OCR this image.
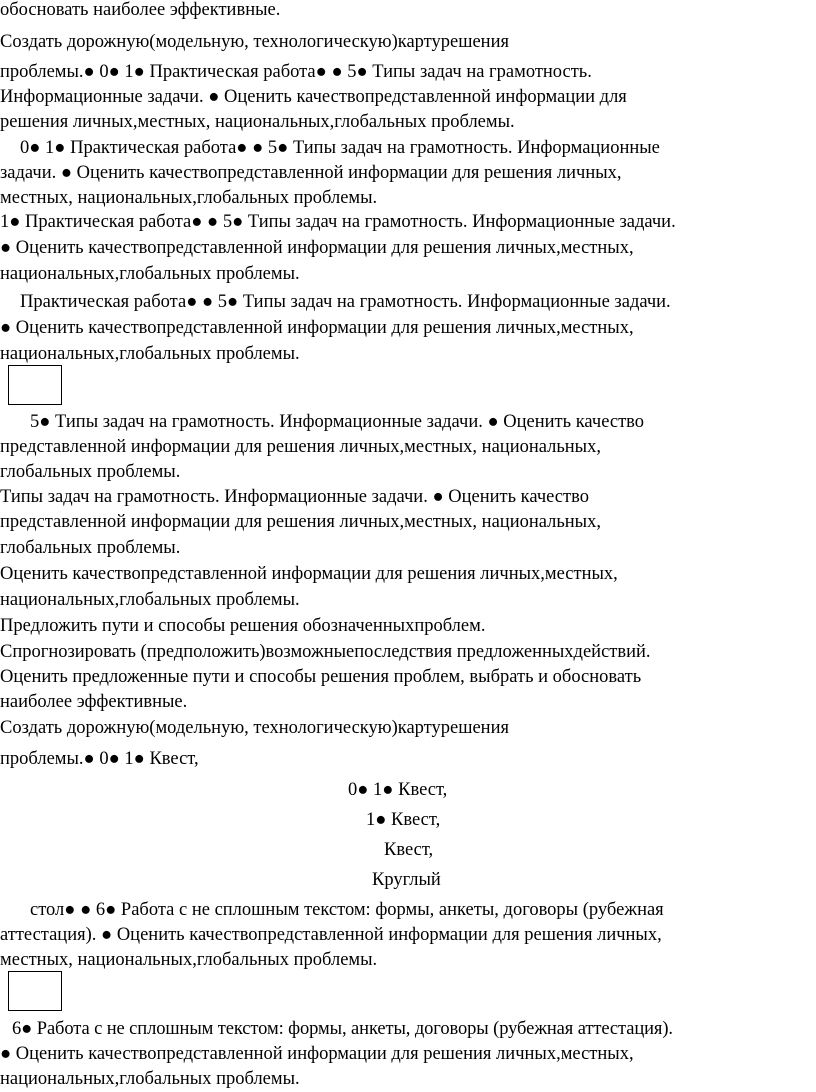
обосновать наиболее эффективные.
Создать дорожную(модельную, технологическую)картурешения
проблемы.● 0● 1● Практическая работа● ● 5● Типы задач на грамотность.
Информационные задачи. ● Оценить качествопредставленной информации для
решения личных,местных, национальных,глобальных проблемы.
0● 1● Практическая работа● ● 5● Типы задач на грамотность. Информационные
задачи. ● Оценить качествопредставленной информации для решения личных,
местных, национальных,глобальных проблемы.
1● Практическая работа● ● 5● Типы задач на грамотность. Информационные задачи.
● Оценить качествопредставленной информации для решения личных,местных,
национальных,глобальных проблемы.
Практическая работа● ● 5● Типы задач на грамотность. Информационные задачи.
● Оценить качествопредставленной информации для решения личных,местных,
национальных,глобальных проблемы.
5● Типы задач на грамотность. Информационные задачи. ● Оценить качество
представленной информации для решения личных,местных, национальных,
глобальных проблемы.
Типы задач на грамотность. Информационные задачи. ● Оценить качество
представленной информации для решения личных,местных, национальных,
глобальных проблемы.
Оценить качествопредставленной информации для решения личных,местных,
национальных,глобальных проблемы.
Предложить пути и способы решения обозначенныхпроблем.
Спрогнозировать (предположить)возможныепоследствия предложенныхдействий.
Оценить предложенные пути и способы решения проблем, выбрать и обосновать
наиболее эффективные.
Создать дорожную(модельную, технологическую)картурешения
проблемы.● 0● 1● Квест,
0● 1● Квест,
1● Квест,
Квест,
Круглый
стол● ● 6● Работа с не сплошным текстом: формы, анкеты, договоры (рубежная
аттестация). ● Оценить качествопредставленной информации для решения личных,
местных, национальных,глобальных проблемы.
6● Работа с не сплошным текстом: формы, анкеты, договоры (рубежная аттестация).
● Оценить качествопредставленной информации для решения личных,местных,
национальных,глобальных проблемы.
